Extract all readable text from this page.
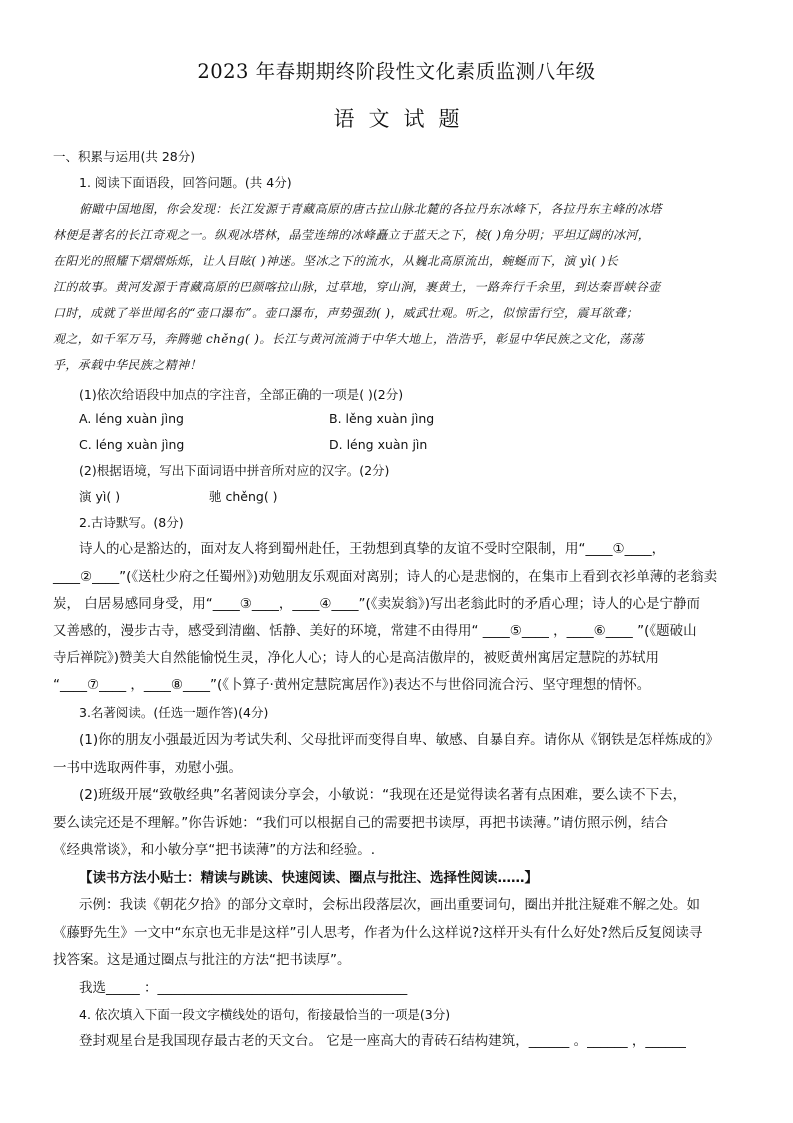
2023 年春期期终阶段性文化素质监测八年级
语文试题
一、积累与运用(共 28分)
1. 阅读下面语段，回答问题。(共 4分)
俯瞰中国地图，你会发现：长江发源于青藏高原的唐古拉山脉北麓的各拉丹东冰峰下，各拉丹东主峰的冰塔
林便是著名的长江奇观之一。纵观冰塔林，晶莹连绵的冰峰矗立于蓝天之下，棱( )角分明；平坦辽阔的冰河，
在阳光的照耀下熠熠烁烁，让人目眩( )神迷。坚冰之下的流水，从巍北高原流出，蜿蜒而下，演 yì( )长
江的故事。黄河发源于青藏高原的巴颜喀拉山脉，过草地，穿山涧，裹黄土，一路奔行千余里，到达秦晋峡谷壶
口时，成就了举世闻名的“壶口瀑布”。壶口瀑布，声势强劲( )，威武壮观。听之，似惊雷行空，震耳欲聋；
观之，如千军万马，奔腾驰 chěng( )。长江与黄河流淌于中华大地上，浩浩乎，彰显中华民族之文化，荡荡
乎，承载中华民族之精神！
(1)依次给语段中加点的字注音，全部正确的一项是( )(2分)
A. léng xuàn jìng	B. lěng xuàn jìng
C. léng xuàn jìng	D. léng xuàn jìn
(2)根据语境，写出下面词语中拼音所对应的汉字。(2分)
演 yì( )	驰 chěng( )
2.古诗默写。(8分)
诗人的心是豁达的，面对友人将到蜀州赴任，王勃想到真挚的友谊不受时空限制，用“____①____，
____②____”(《送杜少府之任蜀州》)劝勉朋友乐观面对离别；诗人的心是悲悯的，在集市上看到衣衫单薄的老翁卖
炭， 白居易感同身受，用“____③____，____④____”(《卖炭翁》)写出老翁此时的矛盾心理；诗人的心是宁静而
又善感的，漫步古寺，感受到清幽、恬静、美好的环境，常建不由得用“ ____⑤____ ，____⑥____ ”(《题破山
寺后禅院》)赞美大自然能愉悦生灵，净化人心；诗人的心是高洁傲岸的，被贬黄州寓居定慧院的苏轼用
“____⑦____ ，____⑧____”(《卜算子·黄州定慧院寓居作》)表达不与世俗同流合污、坚守理想的情怀。
3.名著阅读。(任选一题作答)(4分)
(1)你的朋友小强最近因为考试失利、父母批评而变得自卑、敏感、自暴自弃。请你从《钢铁是怎样炼成的》
一书中选取两件事，劝慰小强。
(2)班级开展“致敬经典”名著阅读分享会，小敏说：“我现在还是觉得读名著有点困难，要么读不下去，
要么读完还是不理解。”你告诉她：“我们可以根据自己的需要把书读厚，再把书读薄。”请仿照示例，结合
《经典常谈》，和小敏分享“把书读薄”的方法和经验。.
【读书方法小贴士：精读与跳读、快速阅读、圈点与批注、选择性阅读……】
示例：我读《朝花夕拾》的部分文章时，会标出段落层次，画出重要词句，圈出并批注疑难不解之处。如
《藤野先生》一文中“东京也无非是这样”引人思考，作者为什么这样说?这样开头有什么好处?然后反复阅读寻
找答案。这是通过圈点与批注的方法“把书读厚”。
我选_____ ：_____________________________________
4. 依次填入下面一段文字横线处的语句，衔接最恰当的一项是(3分)
登封观星台是我国现存最古老的天文台。 它是一座高大的青砖石结构建筑，______ 。______ ，______
